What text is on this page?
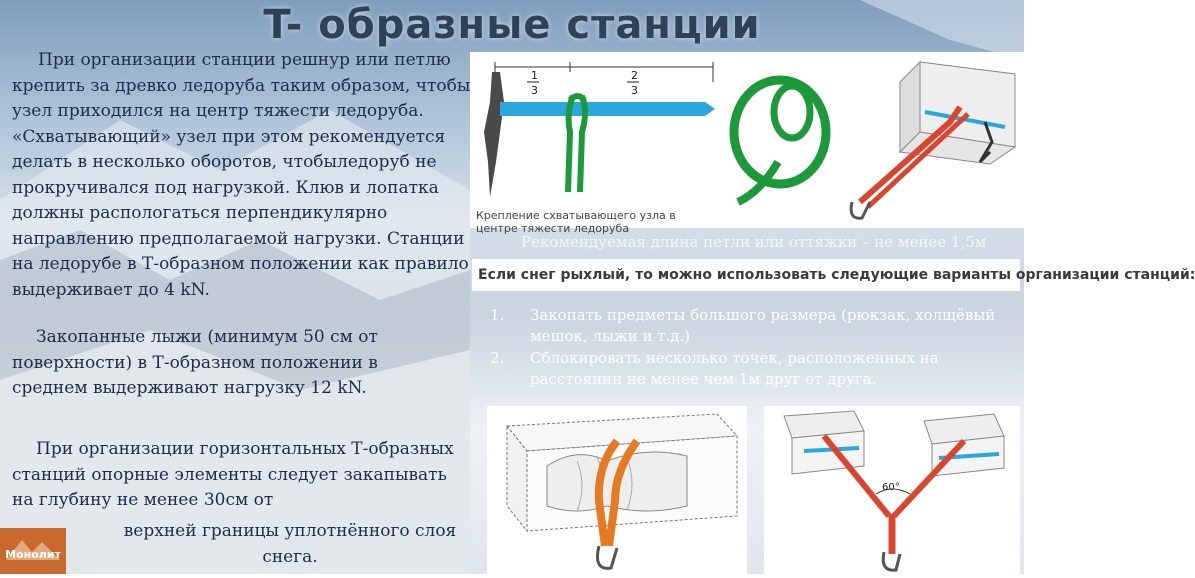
T- образные станции

При организации станции решнур или петлю крепить за древко ледоруба таким образом, чтобы узел приходился на центр тяжести ледоруба. «Схватывающий» узел при этом рекомендуется делать в несколько оборотов, чтобыледоруб не прокручивался под нагрузкой. Клюв и лопатка должны распологаться перпендикулярно направлению предполагаемой нагрузки. Станции на ледорубе в Т-образном положении как правило выдерживает до 4 kN.

Закопанные лыжи (минимум 50 см от поверхности) в Т-образном положении в среднем выдерживают нагрузку 12 kN.

При организации горизонтальных Т-образных станций опорные элементы следует закапывать на глубину не менее 30см от

верхней границы уплотнённого слоя снега.

1
3
2
3
Крепление схватывающего узла в центре тяжести ледоруба
Рекомендуемая длина петли или оттяжки – не менее 1,5м
Если снег рыхлый, то можно использовать следующие варианты организации станций:
1. Закопать предметы большого размера (рюкзак, холщёвый мешок, лыжи и т.д.)
2. Сблокировать несколько точек, расположенных на расстоянии не менее чем 1м друг от друга.
60°
Монолит
